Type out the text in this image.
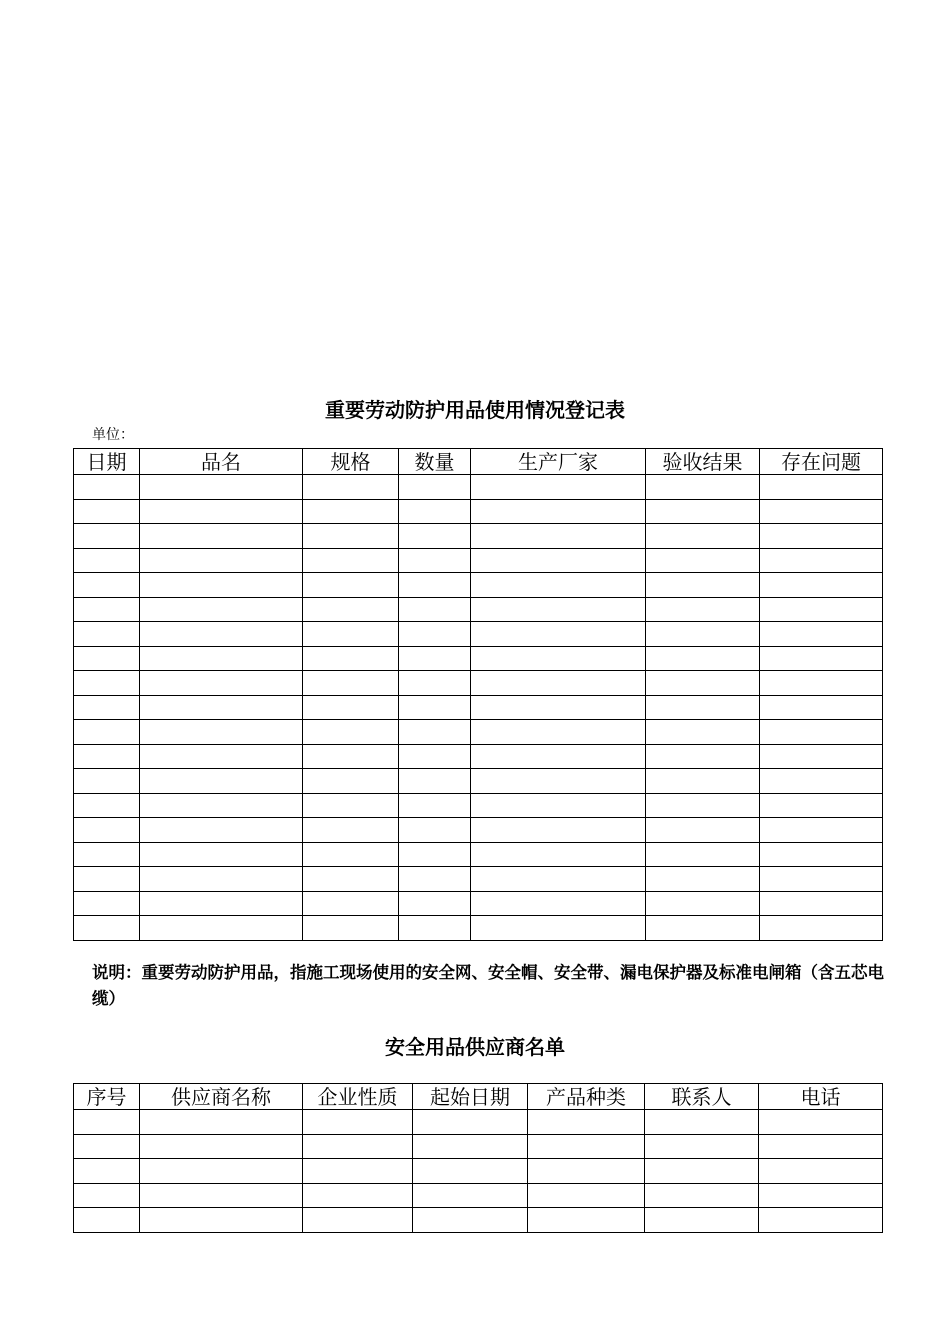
重要劳动防护用品使用情况登记表
单位：
日期	品名	规格	数量	生产厂家	验收结果	存在问题

说明：重要劳动防护用品，指施工现场使用的安全网、安全帽、安全带、漏电保护器及标准电闸箱（含五芯电缆）
安全用品供应商名单
序号	供应商名称	企业性质	起始日期	产品种类	联系人	电话
